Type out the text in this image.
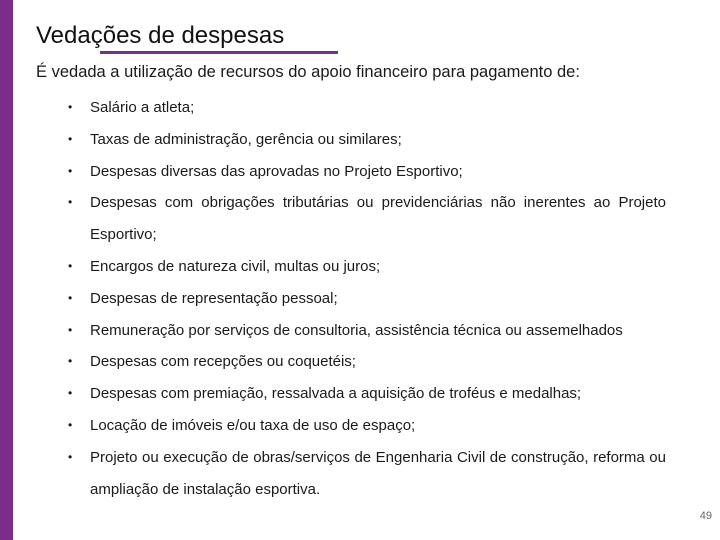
Vedações de despesas
É vedada a utilização de recursos do apoio financeiro para pagamento de:
• Salário a atleta;
• Taxas de administração, gerência ou similares;
• Despesas diversas das aprovadas no Projeto Esportivo;
• Despesas com obrigações tributárias ou previdenciárias não inerentes ao Projeto Esportivo;
• Encargos de natureza civil, multas ou juros;
• Despesas de representação pessoal;
• Remuneração por serviços de consultoria, assistência técnica ou assemelhados
• Despesas com recepções ou coquetéis;
• Despesas com premiação, ressalvada a aquisição de troféus e medalhas;
• Locação de imóveis e/ou taxa de uso de espaço;
• Projeto ou execução de obras/serviços de Engenharia Civil de construção, reforma ou ampliação de instalação esportiva.
49
